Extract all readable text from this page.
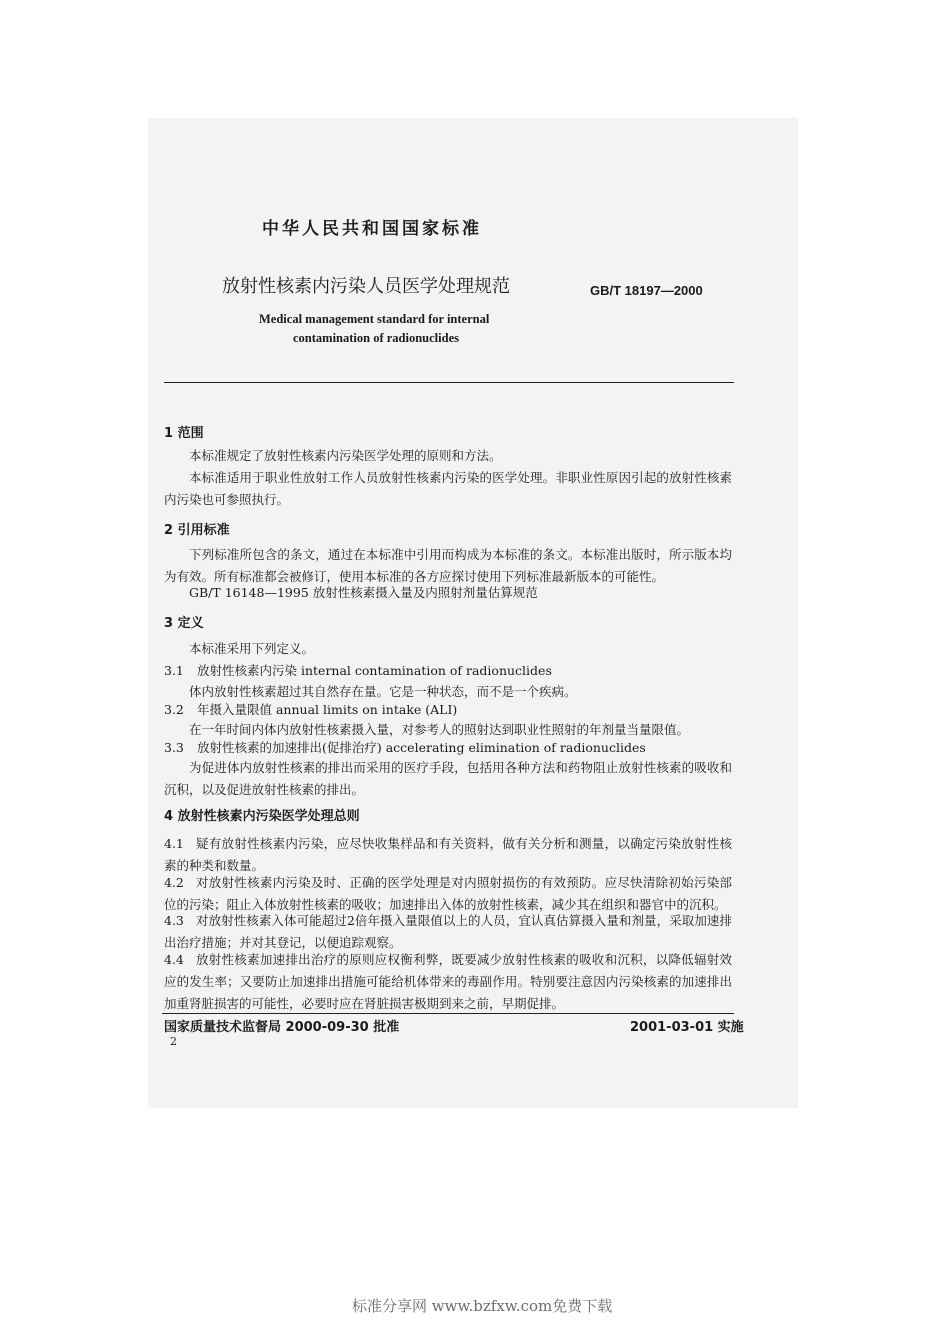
中华人民共和国国家标准
放射性核素内污染人员医学处理规范	GB/T 18197—2000
Medical management standard for internal
contamination of radionuclides
1 范围
本标准规定了放射性核素内污染医学处理的原则和方法。
本标准适用于职业性放射工作人员放射性核素内污染的医学处理。非职业性原因引起的放射性核素内污染也可参照执行。
2 引用标准
下列标准所包含的条文，通过在本标准中引用而构成为本标准的条文。本标准出版时，所示版本均为有效。所有标准都会被修订，使用本标准的各方应探讨使用下列标准最新版本的可能性。
GB/T 16148—1995 放射性核素摄入量及内照射剂量估算规范
3 定义
本标准采用下列定义。
3.1 放射性核素内污染 internal contamination of radionuclides
体内放射性核素超过其自然存在量。它是一种状态，而不是一个疾病。
3.2 年摄入量限值 annual limits on intake (ALI)
在一年时间内体内放射性核素摄入量，对参考人的照射达到职业性照射的年剂量当量限值。
3.3 放射性核素的加速排出(促排治疗) accelerating elimination of radionuclides
为促进体内放射性核素的排出而采用的医疗手段，包括用各种方法和药物阻止放射性核素的吸收和沉积，以及促进放射性核素的排出。
4 放射性核素内污染医学处理总则
4.1 疑有放射性核素内污染，应尽快收集样品和有关资料，做有关分析和测量，以确定污染放射性核素的种类和数量。
4.2 对放射性核素内污染及时、正确的医学处理是对内照射损伤的有效预防。应尽快清除初始污染部位的污染；阻止入体放射性核素的吸收；加速排出入体的放射性核素，减少其在组织和器官中的沉积。
4.3 对放射性核素入体可能超过2倍年摄入量限值以上的人员，宜认真估算摄入量和剂量，采取加速排出治疗措施；并对其登记，以便追踪观察。
4.4 放射性核素加速排出治疗的原则应权衡利弊，既要减少放射性核素的吸收和沉积，以降低辐射效应的发生率；又要防止加速排出措施可能给机体带来的毒副作用。特别要注意因内污染核素的加速排出加重肾脏损害的可能性，必要时应在肾脏损害极期到来之前，早期促排。
国家质量技术监督局 2000-09-30 批准	2001-03-01 实施
2
标准分享网 www.bzfxw.com免费下载
